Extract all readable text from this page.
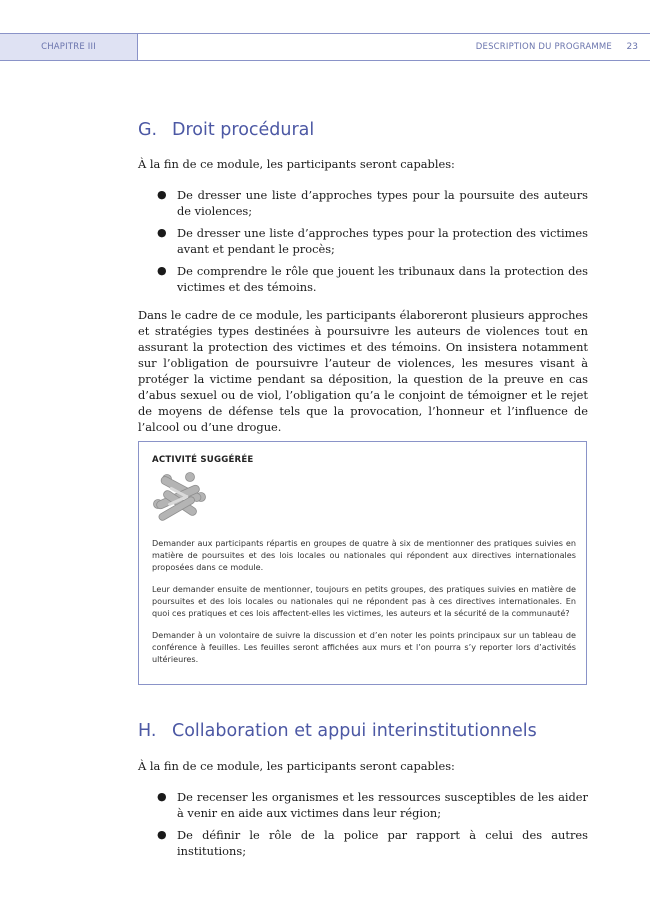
CHAPITRE III	DESCRIPTION DU PROGRAMME 23
G. Droit procédural

À la fin de ce module, les participants seront capables:

● De dresser une liste d’approches types pour la poursuite des auteurs de violences;
● De dresser une liste d’approches types pour la protection des victimes avant et pendant le procès;
● De comprendre le rôle que jouent les tribunaux dans la protection des victimes et des témoins.

Dans le cadre de ce module, les participants élaboreront plusieurs approches et stratégies types destinées à poursuivre les auteurs de violences tout en assurant la protection des victimes et des témoins. On insistera notamment sur l’obligation de poursuivre l’auteur de violences, les mesures visant à protéger la victime pendant sa déposition, la question de la preuve en cas d’abus sexuel ou de viol, l’obligation qu’a le conjoint de témoigner et le rejet de moyens de défense tels que la provocation, l’honneur et l’influence de l’alcool ou d’une drogue.

ACTIVITÉ SUGGÉRÉE

Demander aux participants répartis en groupes de quatre à six de mentionner des pratiques suivies en matière de poursuites et des lois locales ou nationales qui répondent aux directives internationales proposées dans ce module.

Leur demander ensuite de mentionner, toujours en petits groupes, des pratiques suivies en matière de poursuites et des lois locales ou nationales qui ne répondent pas à ces directives internationales. En quoi ces pratiques et ces lois affectent-elles les victimes, les auteurs et la sécurité de la communauté?

Demander à un volontaire de suivre la discussion et d’en noter les points principaux sur un tableau de conférence à feuilles. Les feuilles seront affichées aux murs et l’on pourra s’y reporter lors d’activités ultérieures.

H. Collaboration et appui interinstitutionnels

À la fin de ce module, les participants seront capables:

● De recenser les organismes et les ressources susceptibles de les aider à venir en aide aux victimes dans leur région;
● De définir le rôle de la police par rapport à celui des autres institutions;
